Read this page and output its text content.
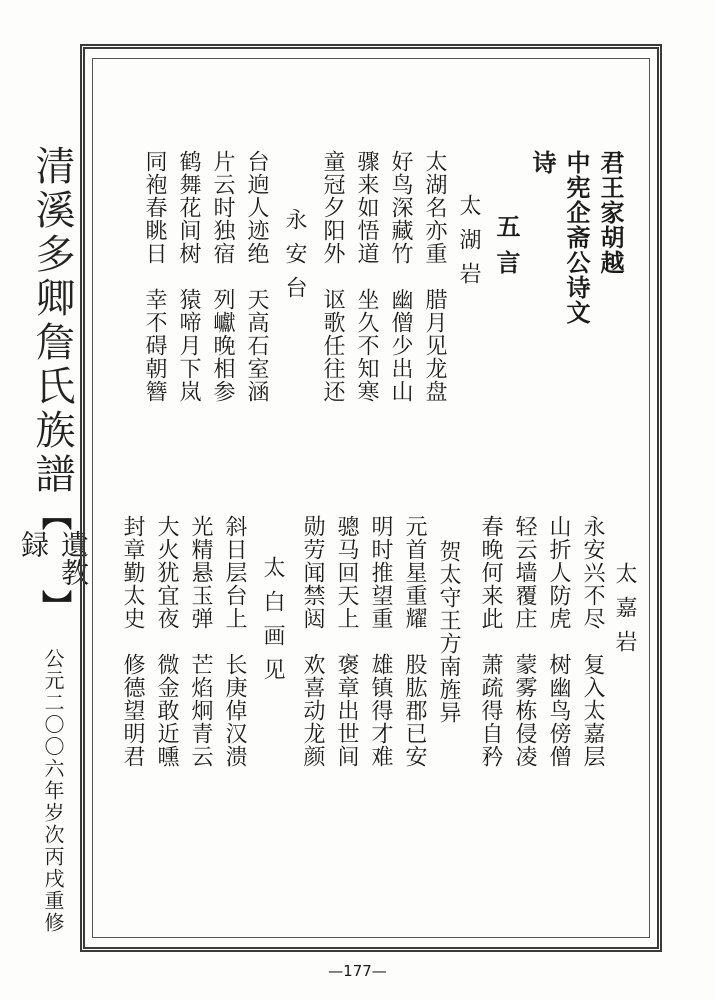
清溪多卿詹氏族譜
【
遺教録
】
公元二〇〇六年岁次丙戌重修
君王家胡越
中宪企斋公诗文
诗
五言
太湖岩
太湖名亦重　腊月见龙盘
好鸟深藏竹　幽僧少出山
骤来如悟道　坐久不知寒
童冠夕阳外　讴歌任往还
永安台
台逈人迹绝　天高石室涵
片云时独宿　列巘晚相参
鹤舞花间树　猿啼月下岚
同袍春眺日　幸不碍朝簪
太嘉岩
永安兴不尽　复入太嘉层
山折人防虎　树幽鸟傍僧
轻云墙覆庄　蒙雾栋侵凌
春晚何来此　萧疏得自矜
贺太守王方南旌异
元首星重耀　股肱郡已安
明时推望重　雄镇得才难
骢马回天上　褒章出世间
勋劳闻禁闼　欢喜动龙颜
太白画见
斜日层台上　长庚倬汉溃
光精悬玉弹　芒焰炯青云
大火犹宜夜　微金敢近曛
封章勤太史　修德望明君
—177—
